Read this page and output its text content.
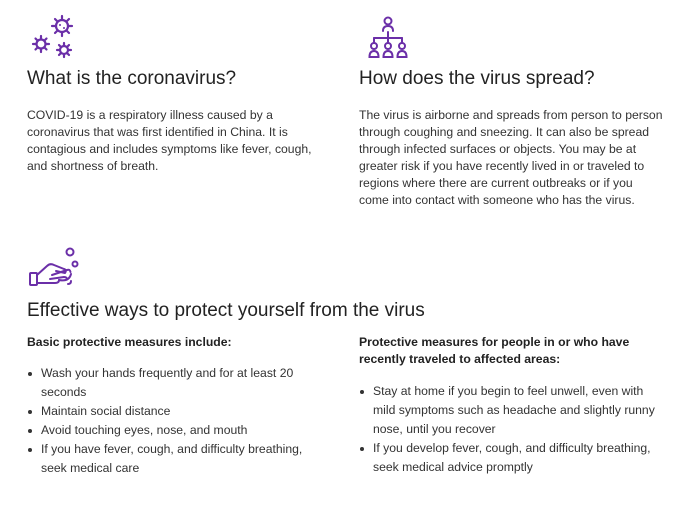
What is the coronavirus?

COVID-19 is a respiratory illness caused by a coronavirus that was first identified in China. It is contagious and includes symptoms like fever, cough, and shortness of breath.

How does the virus spread?

The virus is airborne and spreads from person to person through coughing and sneezing. It can also be spread through infected surfaces or objects. You may be at greater risk if you have recently lived in or traveled to regions where there are current outbreaks or if you come into contact with someone who has the virus.

Effective ways to protect yourself from the virus

Basic protective measures include:

Wash your hands frequently and for at least 20 seconds
Maintain social distance
Avoid touching eyes, nose, and mouth
If you have fever, cough, and difficulty breathing, seek medical care

Protective measures for people in or who have recently traveled to affected areas:

Stay at home if you begin to feel unwell, even with mild symptoms such as headache and slightly runny nose, until you recover
If you develop fever, cough, and difficulty breathing, seek medical advice promptly
